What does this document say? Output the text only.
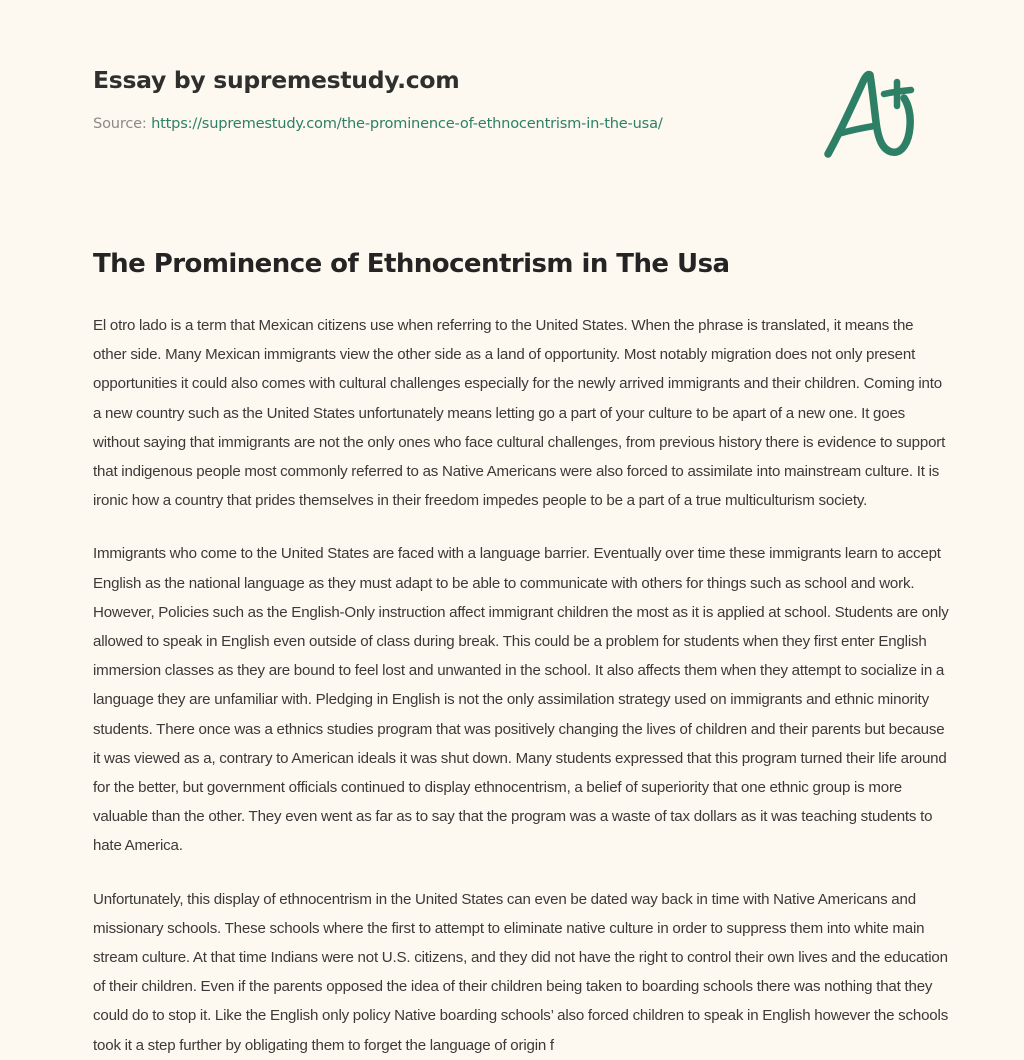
Essay by supremestudy.com
Source: https://supremestudy.com/the-prominence-of-ethnocentrism-in-the-usa/
The Prominence of Ethnocentrism in The Usa

El otro lado is a term that Mexican citizens use when referring to the United States. When the phrase is translated, it means the other side. Many Mexican immigrants view the other side as a land of opportunity. Most notably migration does not only present opportunities it could also comes with cultural challenges especially for the newly arrived immigrants and their children. Coming into a new country such as the United States unfortunately means letting go a part of your culture to be apart of a new one. It goes without saying that immigrants are not the only ones who face cultural challenges, from previous history there is evidence to support that indigenous people most commonly referred to as Native Americans were also forced to assimilate into mainstream culture. It is ironic how a country that prides themselves in their freedom impedes people to be a part of a true multiculturism society.

Immigrants who come to the United States are faced with a language barrier. Eventually over time these immigrants learn to accept English as the national language as they must adapt to be able to communicate with others for things such as school and work. However, Policies such as the English-Only instruction affect immigrant children the most as it is applied at school. Students are only allowed to speak in English even outside of class during break. This could be a problem for students when they first enter English immersion classes as they are bound to feel lost and unwanted in the school. It also affects them when they attempt to socialize in a language they are unfamiliar with. Pledging in English is not the only assimilation strategy used on immigrants and ethnic minority students. There once was a ethnics studies program that was positively changing the lives of children and their parents but because it was viewed as a, contrary to American ideals it was shut down. Many students expressed that this program turned their life around for the better, but government officials continued to display ethnocentrism, a belief of superiority that one ethnic group is more valuable than the other. They even went as far as to say that the program was a waste of tax dollars as it was teaching students to hate America.

Unfortunately, this display of ethnocentrism in the United States can even be dated way back in time with Native Americans and missionary schools. These schools where the first to attempt to eliminate native culture in order to suppress them into white main stream culture. At that time Indians were not U.S. citizens, and they did not have the right to control their own lives and the education of their children. Even if the parents opposed the idea of their children being taken to boarding schools there was nothing that they could do to stop it. Like the English only policy Native boarding schools’ also forced children to speak in English however the schools took it a step further by obligating them to forget the language of origin f
